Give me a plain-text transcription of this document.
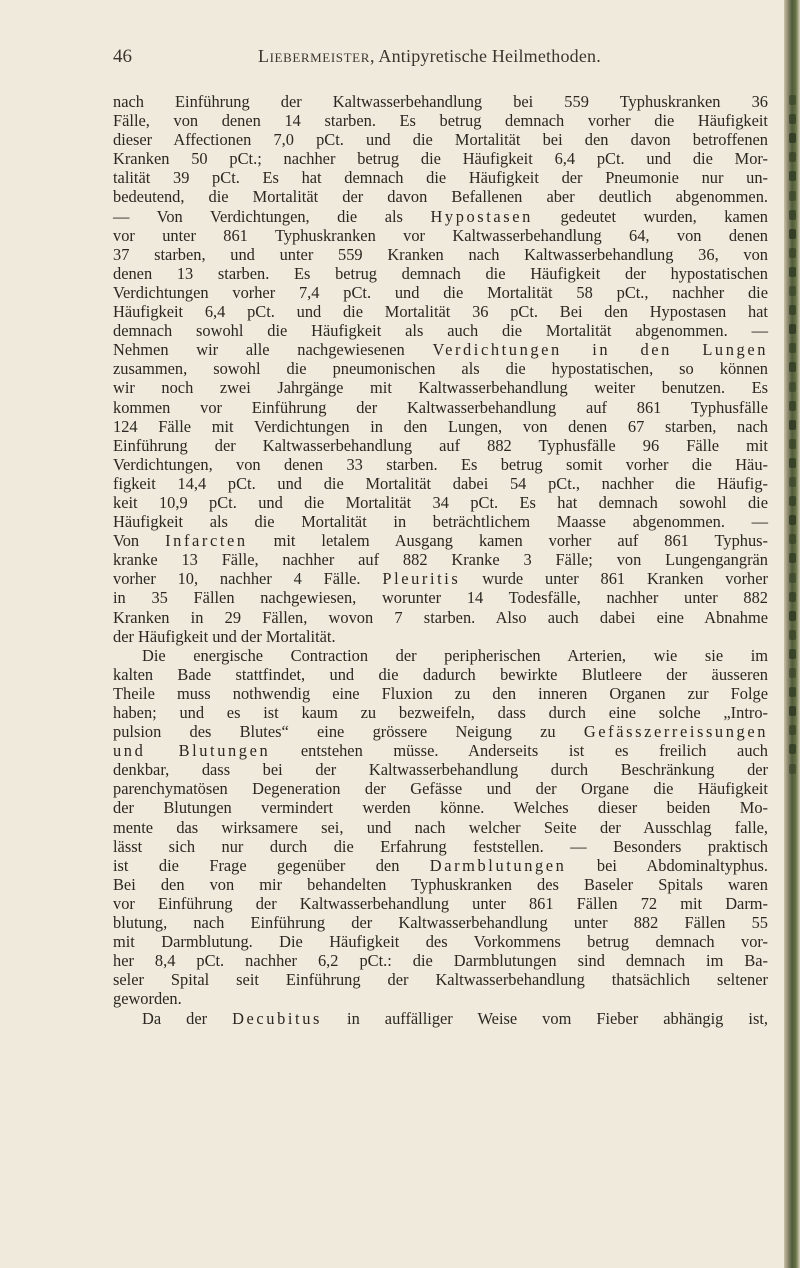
46	Liebermeister, Antipyretische Heilmethoden.
nach Einführung der Kaltwasserbehandlung bei 559 Typhuskranken 36
Fälle, von denen 14 starben. Es betrug demnach vorher die Häufigkeit
dieser Affectionen 7,0 pCt. und die Mortalität bei den davon betroffenen
Kranken 50 pCt.; nachher betrug die Häufigkeit 6,4 pCt. und die Mor-
talität 39 pCt. Es hat demnach die Häufigkeit der Pneumonie nur un-
bedeutend, die Mortalität der davon Befallenen aber deutlich abgenommen.
— Von Verdichtungen, die als Hypostasen gedeutet wurden, kamen
vor unter 861 Typhuskranken vor Kaltwasserbehandlung 64, von denen
37 starben, und unter 559 Kranken nach Kaltwasserbehandlung 36, von
denen 13 starben. Es betrug demnach die Häufigkeit der hypostatischen
Verdichtungen vorher 7,4 pCt. und die Mortalität 58 pCt., nachher die
Häufigkeit 6,4 pCt. und die Mortalität 36 pCt. Bei den Hypostasen hat
demnach sowohl die Häufigkeit als auch die Mortalität abgenommen. —
Nehmen wir alle nachgewiesenen Verdichtungen in den Lungen
zusammen, sowohl die pneumonischen als die hypostatischen, so können
wir noch zwei Jahrgänge mit Kaltwasserbehandlung weiter benutzen. Es
kommen vor Einführung der Kaltwasserbehandlung auf 861 Typhusfälle
124 Fälle mit Verdichtungen in den Lungen, von denen 67 starben, nach
Einführung der Kaltwasserbehandlung auf 882 Typhusfälle 96 Fälle mit
Verdichtungen, von denen 33 starben. Es betrug somit vorher die Häu-
figkeit 14,4 pCt. und die Mortalität dabei 54 pCt., nachher die Häufig-
keit 10,9 pCt. und die Mortalität 34 pCt. Es hat demnach sowohl die
Häufigkeit als die Mortalität in beträchtlichem Maasse abgenommen. —
Von Infarcten mit letalem Ausgang kamen vorher auf 861 Typhus-
kranke 13 Fälle, nachher auf 882 Kranke 3 Fälle; von Lungengangrän
vorher 10, nachher 4 Fälle. Pleuritis wurde unter 861 Kranken vorher
in 35 Fällen nachgewiesen, worunter 14 Todesfälle, nachher unter 882
Kranken in 29 Fällen, wovon 7 starben. Also auch dabei eine Abnahme
der Häufigkeit und der Mortalität.
Die energische Contraction der peripherischen Arterien, wie sie im
kalten Bade stattfindet, und die dadurch bewirkte Blutleere der äusseren
Theile muss nothwendig eine Fluxion zu den inneren Organen zur Folge
haben; und es ist kaum zu bezweifeln, dass durch eine solche „Intro-
pulsion des Blutes“ eine grössere Neigung zu Gefässzerreissungen
und Blutungen entstehen müsse. Anderseits ist es freilich auch
denkbar, dass bei der Kaltwasserbehandlung durch Beschränkung der
parenchymatösen Degeneration der Gefässe und der Organe die Häufigkeit
der Blutungen vermindert werden könne. Welches dieser beiden Mo-
mente das wirksamere sei, und nach welcher Seite der Ausschlag falle,
lässt sich nur durch die Erfahrung feststellen. — Besonders praktisch
ist die Frage gegenüber den Darmblutungen bei Abdominaltyphus.
Bei den von mir behandelten Typhuskranken des Baseler Spitals waren
vor Einführung der Kaltwasserbehandlung unter 861 Fällen 72 mit Darm-
blutung, nach Einführung der Kaltwasserbehandlung unter 882 Fällen 55
mit Darmblutung. Die Häufigkeit des Vorkommens betrug demnach vor-
her 8,4 pCt. nachher 6,2 pCt.: die Darmblutungen sind demnach im Ba-
seler Spital seit Einführung der Kaltwasserbehandlung thatsächlich seltener
geworden.
Da der Decubitus in auffälliger Weise vom Fieber abhängig ist,
